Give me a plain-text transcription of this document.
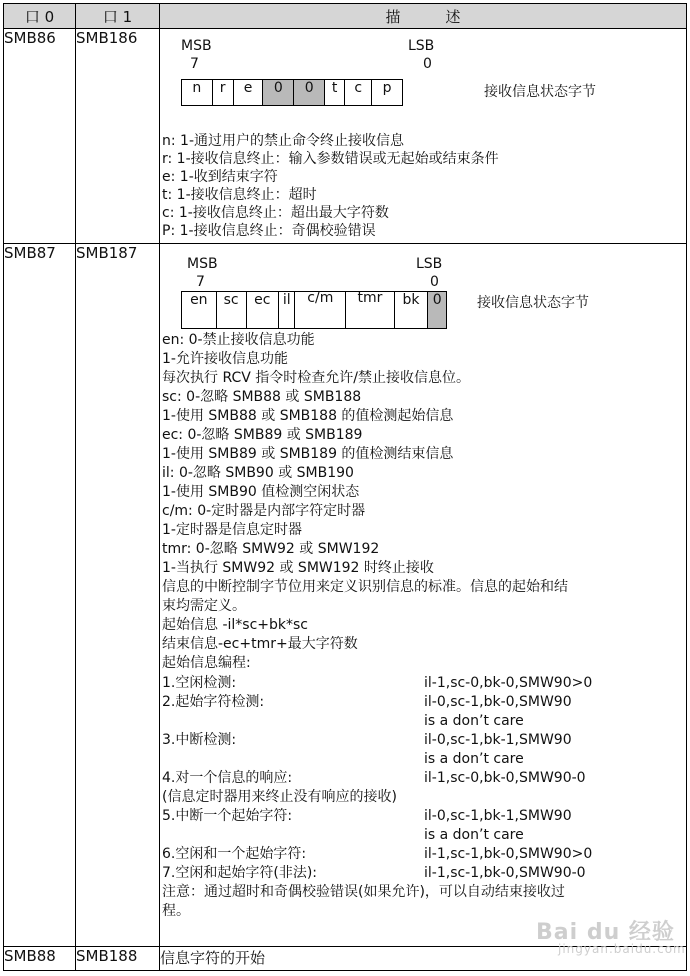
口 0	口 1	描　　　述
SMB86	SMB186	MSB
7
LSB
0
n	r	e	0	0	t	c	p	接收信息状态字节
n: 1-通过用户的禁止命令终止接收信息
r: 1-接收信息终止：输入参数错误或无起始或结束条件
e: 1-收到结束字符
t: 1-接收信息终止：超时
c: 1-接收信息终止：超出最大字符数
P: 1-接收信息终止：奇偶校验错误

SMB87	SMB187	
MSB
7
LSB
0
en	sc	ec	il	c/m	tmr	bk	0	接收信息状态字节
en: 0-禁止接收信息功能
1-允许接收信息功能
每次执行 RCV 指令时检查允许/禁止接收信息位。
sc: 0-忽略 SMB88 或 SMB188
1-使用 SMB88 或 SMB188 的值检测起始信息
ec: 0-忽略 SMB89 或 SMB189
1-使用 SMB89 或 SMB189 的值检测结束信息
il: 0-忽略 SMB90 或 SMB190
1-使用 SMB90 值检测空闲状态
c/m: 0-定时器是内部字符定时器
1-定时器是信息定时器
tmr: 0-忽略 SMW92 或 SMW192
1-当执行 SMW92 或 SMW192 时终止接收
信息的中断控制字节位用来定义识别信息的标准。信息的起始和结
束均需定义。
起始信息 -il*sc+bk*sc
结束信息-ec+tmr+最大字符数
起始信息编程:
1.空闲检测:	il-1,sc-0,bk-0,SMW90>0
2.起始字符检测:	il-0,sc-1,bk-0,SMW90
is a don’t care
3.中断检测:	il-0,sc-1,bk-1,SMW90
is a don’t care
4.对一个信息的响应:	il-1,sc-0,bk-0,SMW90-0
(信息定时器用来终止没有响应的接收)
5.中断一个起始字符:	il-0,sc-1,bk-1,SMW90
is a don’t care
6.空闲和一个起始字符:	il-1,sc-1,bk-0,SMW90>0
7.空闲和起始字符(非法):	il-1,sc-1,bk-0,SMW90-0
注意：通过超时和奇偶校验错误(如果允许)，可以自动结束接收过
程。

SMB88	SMB188	信息字符的开始
Bai du 经验
jingyan.baidu.com
